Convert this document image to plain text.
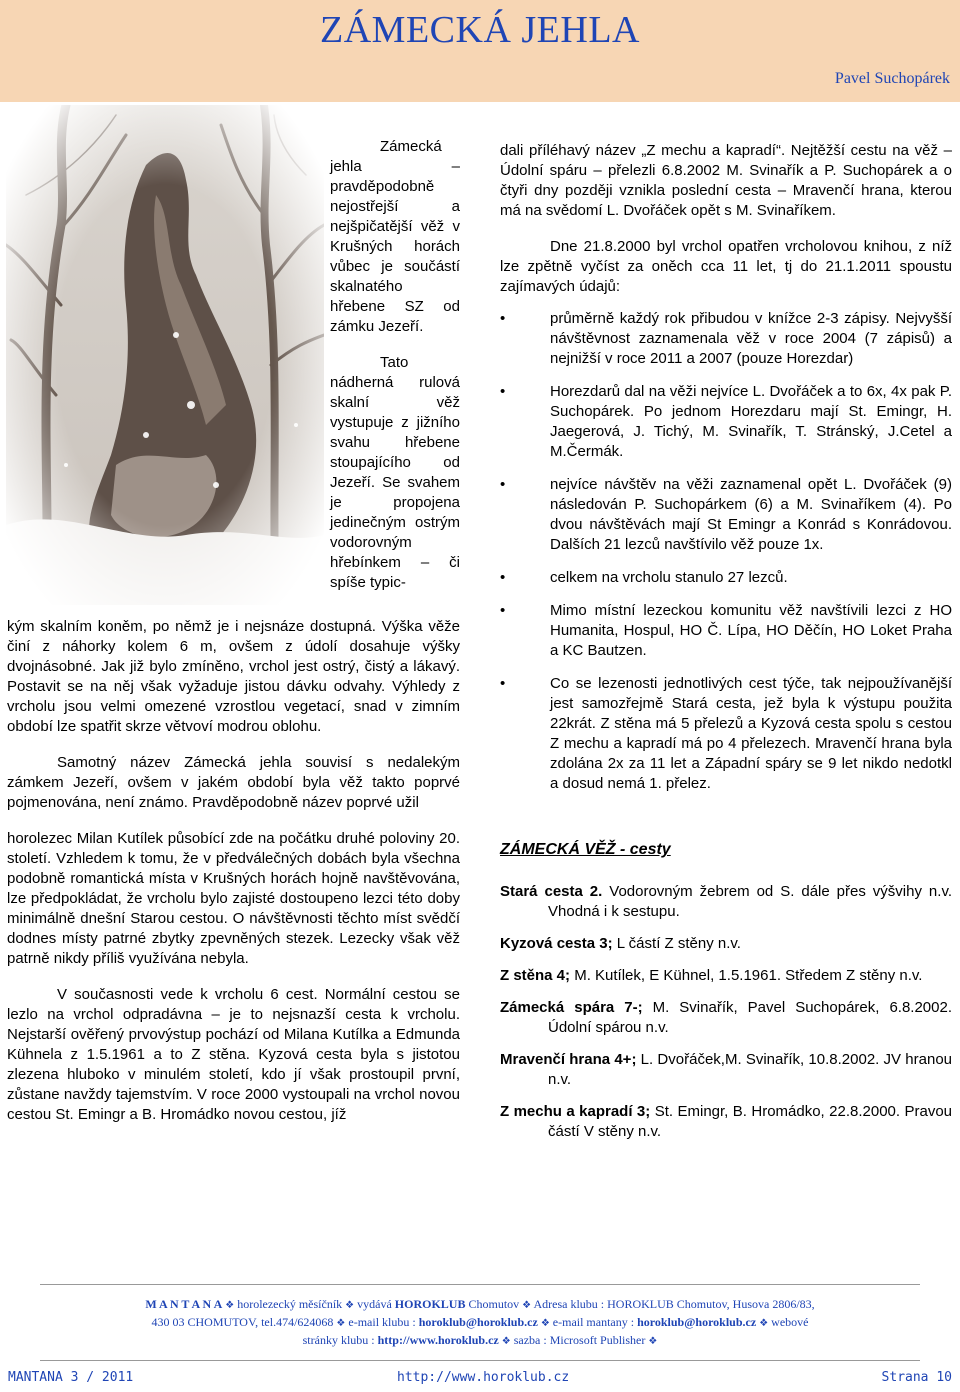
ZÁMECKÁ JEHLA
Pavel Suchopárek

Zámecká jehla – pravděpodobně nejostřejší a nejšpičatější věž v Krušných horách vůbec je součástí skalnatého hřebene SZ od zámku Jezeří.

Tato nádherná rulová skalní věž vystupuje z jižního svahu hřebene stoupajícího od Jezeří. Se svahem je propojena jedinečným ostrým vodorovným hřebínkem – či spíše typic-

kým skalním koněm, po němž je i nejsnáze dostupná. Výška věže činí z náhorky kolem 6 m, ovšem z údolí dosahuje výšky dvojnásobné. Jak již bylo zmíněno, vrchol jest ostrý, čistý a lákavý. Postavit se na něj však vyžaduje jistou dávku odvahy. Výhledy z vrcholu jsou velmi omezené vzrostlou vegetací, snad v zimním období lze spatřit skrze větvoví modrou oblohu.

Samotný název Zámecká jehla souvisí s nedalekým zámkem Jezeří, ovšem v jakém období byla věž takto poprvé pojmenována, není známo. Pravděpodobně název poprvé užil

horolezec Milan Kutílek působící zde na počátku druhé poloviny 20. století. Vzhledem k tomu, že v předválečných dobách byla všechna podobně romantická místa v Krušných horách hojně navštěvována, lze předpokládat, že vrcholu bylo zajisté dostoupeno lezci této doby minimálně dnešní Starou cestou. O návštěvnosti těchto míst svědčí dodnes místy patrné zbytky zpevněných stezek. Lezecky však věž patrně nikdy příliš využívána nebyla.

V současnosti vede k vrcholu 6 cest. Normální cestou se lezlo na vrchol odpradávna – je to nejsnazší cesta k vrcholu. Nejstarší ověřený prvovýstup pochází od Milana Kutílka a Edmunda Kühnela z 1.5.1961 a to Z stěna. Kyzová cesta byla s jistotou zlezena hluboko v minulém století, kdo jí však prostoupil první, zůstane navždy tajemstvím. V roce 2000 vystoupali na vrchol novou cestou St. Emingr a B. Hromádko novou cestou, jíž

dali příléhavý název „Z mechu a kapradí“. Nejtěžší cestu na věž – Údolní spáru – přelezli 6.8.2002 M. Svinařík a P. Suchopárek a o čtyři dny později vznikla poslední cesta – Mravenčí hrana, kterou má na svědomí L. Dvořáček opět s M. Svinaříkem.

Dne 21.8.2000 byl vrchol opatřen vrcholovou knihou, z níž lze zpětně vyčíst za oněch cca 11 let, tj do 21.1.2011 spoustu zajímavých údajů:

• průměrně každý rok přibudou v knížce 2-3 zápisy. Nejvyšší návštěvnost zaznamenala věž v roce 2004 (7 zápisů) a nejnižší v roce 2011 a 2007 (pouze Horezdar)
• Horezdarů dal na věži nejvíce L. Dvořáček a to 6x, 4x pak P. Suchopárek. Po jednom Horezdaru mají St. Emingr, H. Jaegerová, J. Tichý, M. Svinařík, T. Stránský, J.Cetel a M.Čermák.
• nejvíce návštěv na věži zaznamenal opět L. Dvořáček (9) následován P. Suchopárkem (6) a M. Svinaříkem (4). Po dvou návštěvách mají St Emingr a Konrád s Konrádovou. Dalších 21 lezců navštívilo věž pouze 1x.
• celkem na vrcholu stanulo 27 lezců.
• Mimo místní lezeckou komunitu věž navštívili lezci z HO Humanita, Hospul, HO Č. Lípa, HO Děčín, HO Loket Praha a KC Bautzen.
• Co se lezenosti jednotlivých cest týče, tak nejpoužívanější jest samozřejmě Stará cesta, jež byla k výstupu použita 22krát. Z stěna má 5 přelezů a Kyzová cesta spolu s cestou Z mechu a kapradí má po 4 přelezech. Mravenčí hrana byla zdolána 2x za 11 let a Západní spáry se 9 let nikdo nedotkl a dosud nemá 1. přelez.

ZÁMECKÁ VĚŽ - cesty

Stará cesta 2. Vodorovným žebrem od S. dále přes výšvihy n.v. Vhodná i k sestupu.

Kyzová cesta 3; L částí Z stěny n.v.

Z stěna 4; M. Kutílek, E Kühnel, 1.5.1961. Středem Z stěny n.v.

Zámecká spára 7-; M. Svinařík, Pavel Suchopárek, 6.8.2002. Údolní spárou n.v.

Mravenčí hrana 4+; L. Dvořáček,M. Svinařík, 10.8.2002. JV hranou n.v.

Z mechu a kapradí 3; St. Emingr, B. Hromádko, 22.8.2000. Pravou částí V stěny n.v.

M A N T A N A ❖ horolezecký měsíčník ❖ vydává HOROKLUB Chomutov ❖ Adresa klubu : HOROKLUB Chomutov, Husova 2806/83,
430 03 CHOMUTOV, tel.474/624068 ❖ e-mail klubu : horoklub@horoklub.cz ❖ e-mail mantany : horoklub@horoklub.cz ❖ webové
stránky klubu : http://www.horoklub.cz ❖ sazba : Microsoft Publisher ❖
MANTANA 3 / 2011	http://www.horoklub.cz	Strana 10
